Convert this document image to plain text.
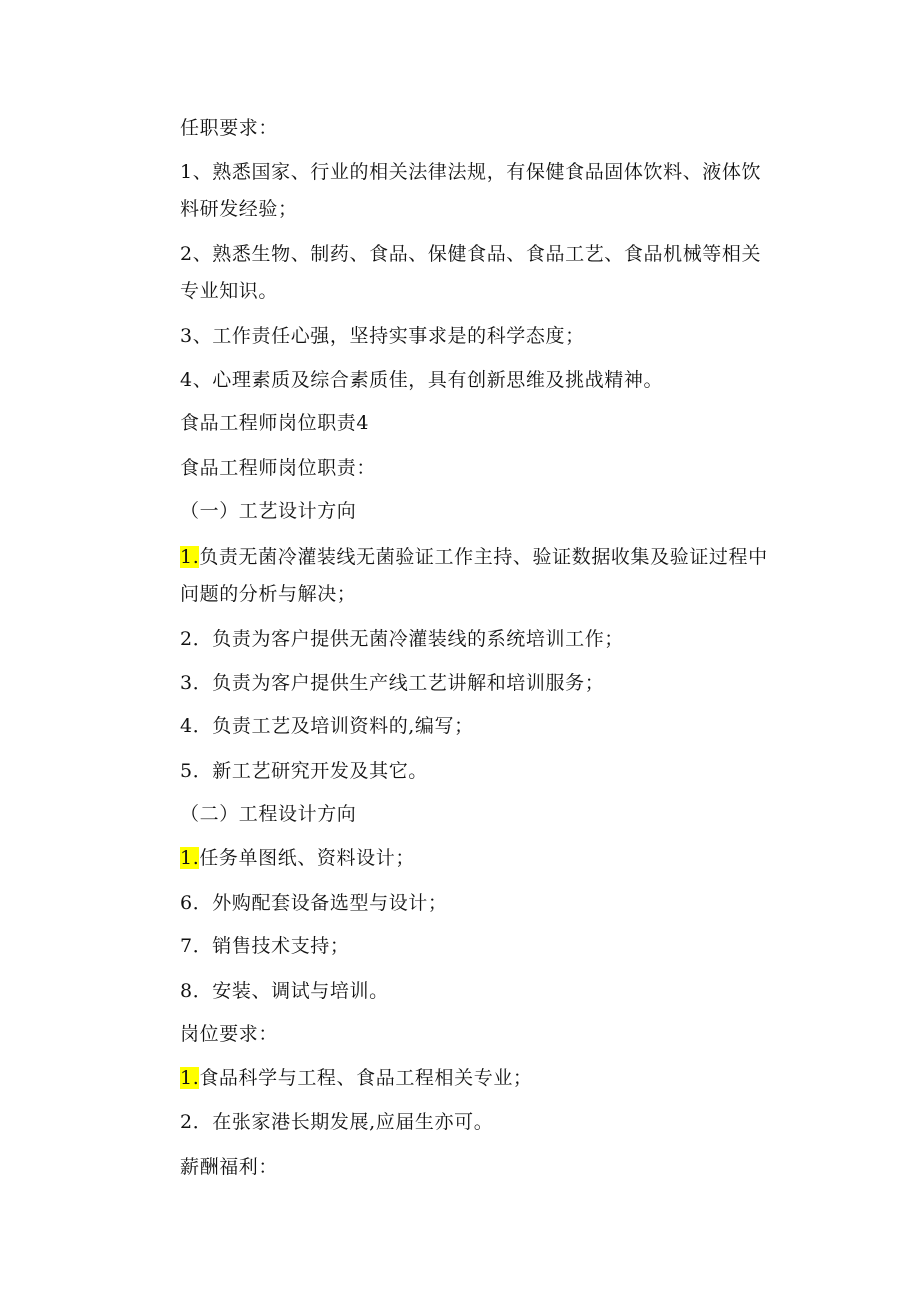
任职要求：
1、熟悉国家、行业的相关法律法规，有保健食品固体饮料、液体饮
料研发经验；
2、熟悉生物、制药、食品、保健食品、食品工艺、食品机械等相关
专业知识。
3、工作责任心强，坚持实事求是的科学态度；
4、心理素质及综合素质佳，具有创新思维及挑战精神。
食品工程师岗位职责4
食品工程师岗位职责：
（一）工艺设计方向
1.负责无菌冷灌装线无菌验证工作主持、验证数据收集及验证过程中
问题的分析与解决；
2．负责为客户提供无菌冷灌装线的系统培训工作；
3．负责为客户提供生产线工艺讲解和培训服务；
4．负责工艺及培训资料的,编写；
5．新工艺研究开发及其它。
（二）工程设计方向
1.任务单图纸、资料设计；
6．外购配套设备选型与设计；
7．销售技术支持；
8．安装、调试与培训。
岗位要求：
1.食品科学与工程、食品工程相关专业；
2．在张家港长期发展,应届生亦可。
薪酬福利：
